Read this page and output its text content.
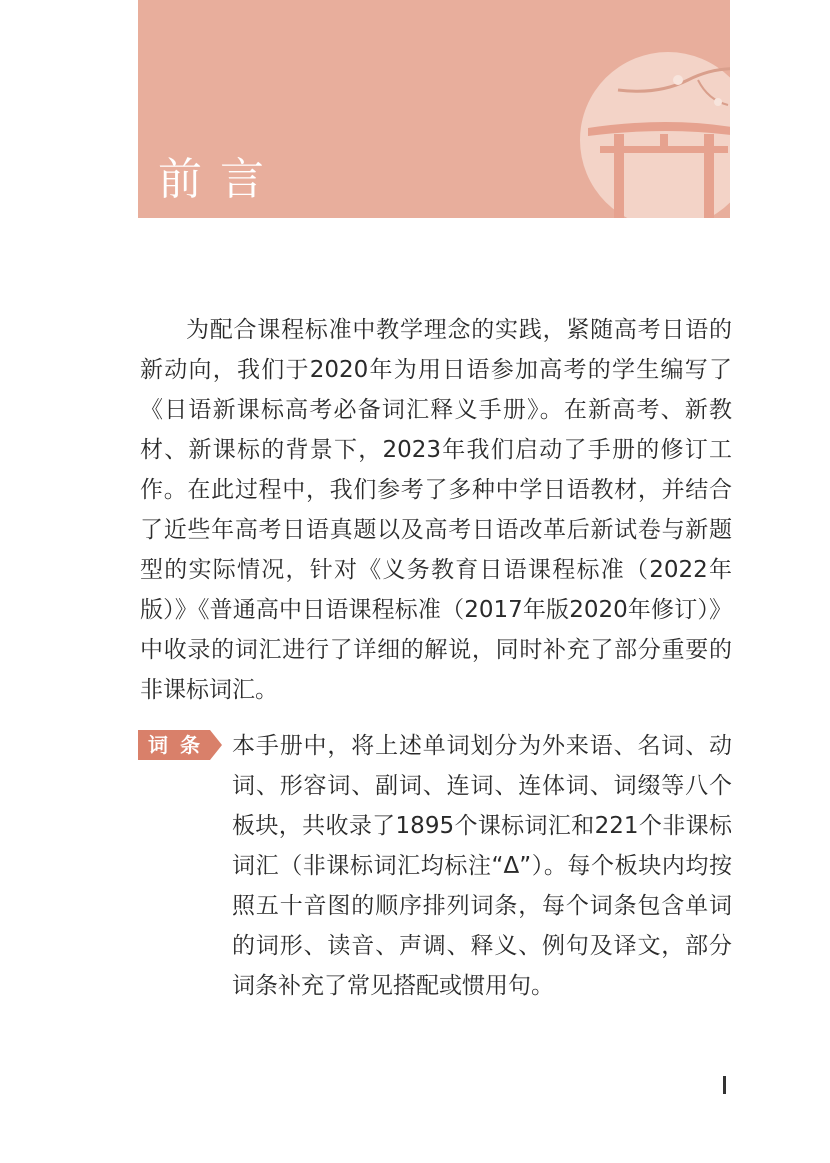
前言

为配合课程标准中教学理念的实践，紧随高考日语的新动向，我们于2020年为用日语参加高考的学生编写了《日语新课标高考必备词汇释义手册》。在新高考、新教材、新课标的背景下，2023年我们启动了手册的修订工作。在此过程中，我们参考了多种中学日语教材，并结合了近些年高考日语真题以及高考日语改革后新试卷与新题型的实际情况，针对《义务教育日语课程标准（2022年版）》《普通高中日语课程标准（2017年版2020年修订）》中收录的词汇进行了详细的解说，同时补充了部分重要的非课标词汇。

词条 本手册中，将上述单词划分为外来语、名词、动词、形容词、副词、连词、连体词、词缀等八个板块，共收录了1895个课标词汇和221个非课标词汇（非课标词汇均标注“Δ”）。每个板块内均按照五十音图的顺序排列词条，每个词条包含单词的词形、读音、声调、释义、例句及译文，部分词条补充了常见搭配或惯用句。
